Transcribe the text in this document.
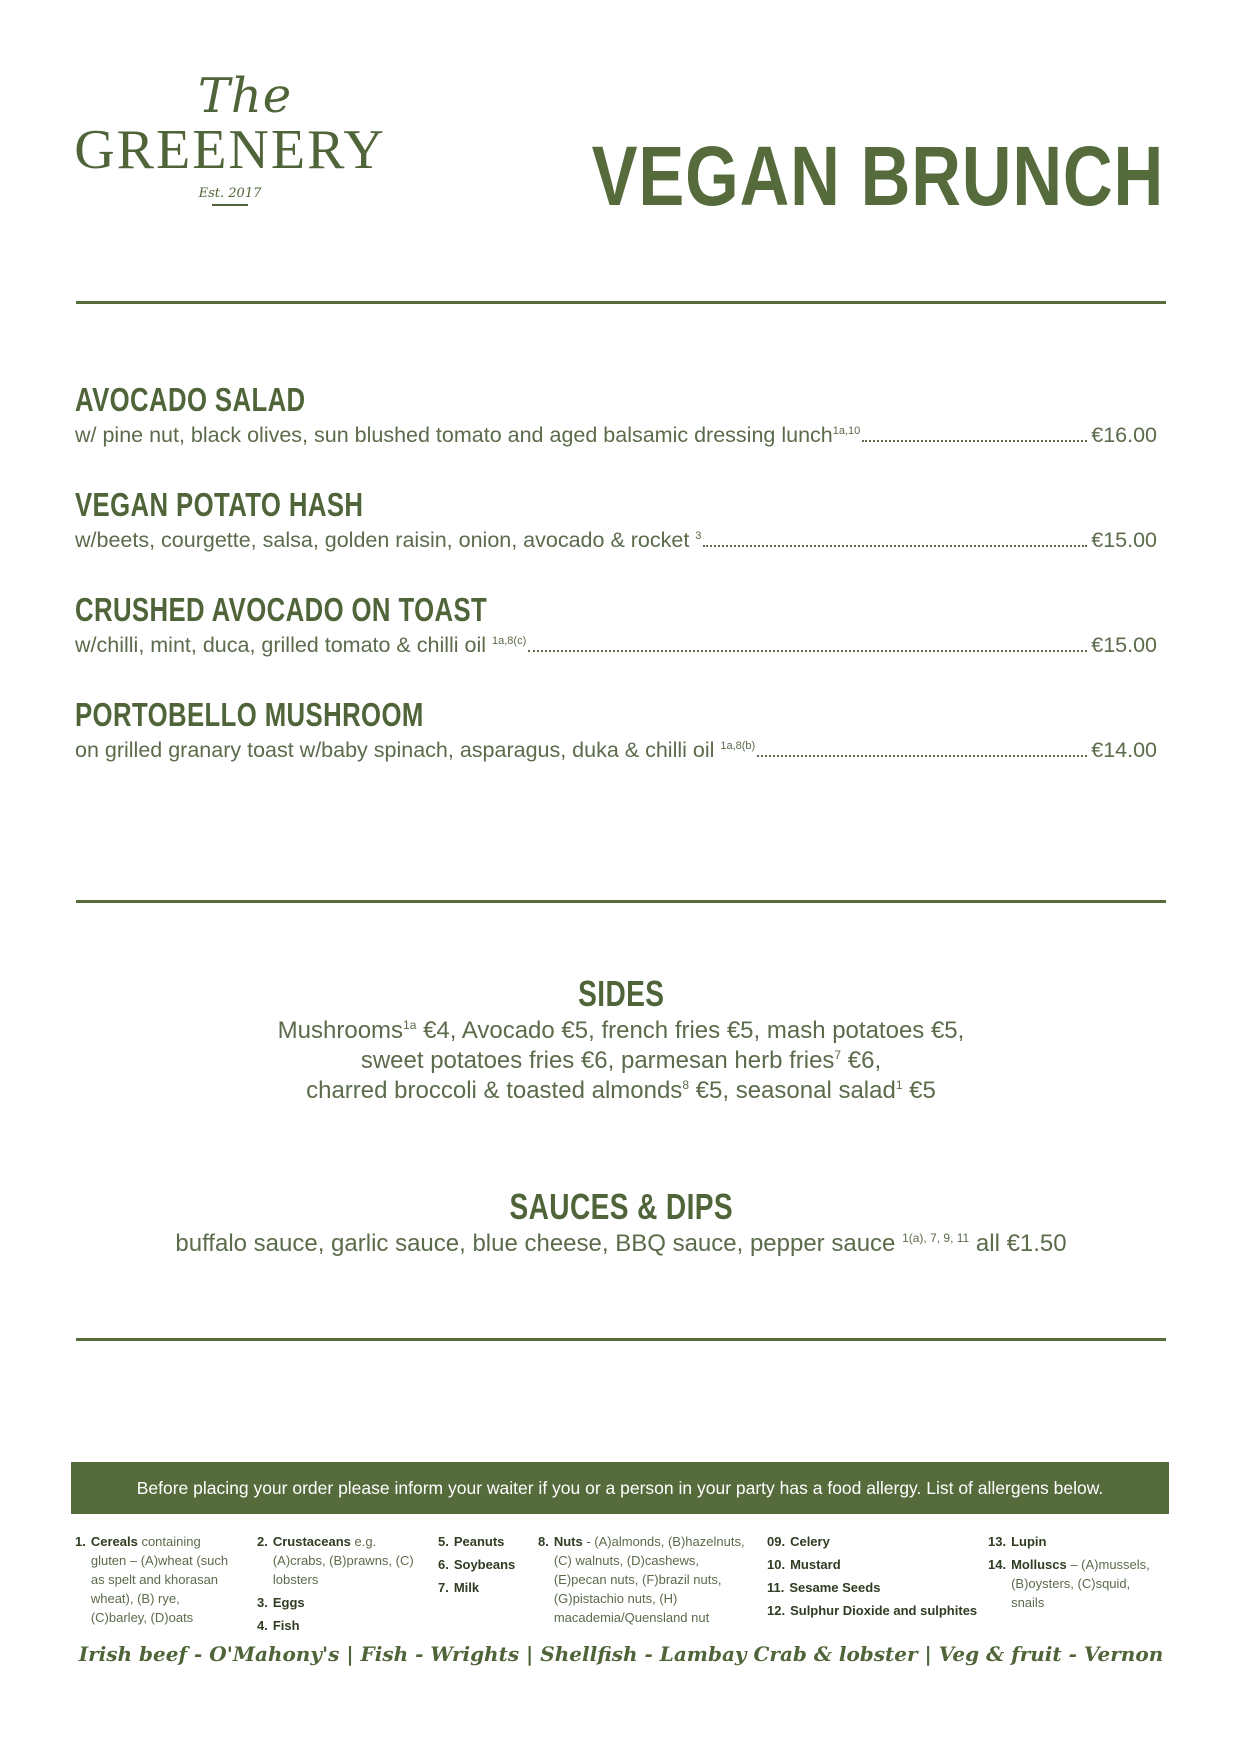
The
GREENERY
Est. 2017	VEGAN BRUNCH
AVOCADO SALAD
w/ pine nut, black olives, sun blushed tomato and aged balsamic dressing lunch$^{1a,10}$	€16.00
VEGAN POTATO HASH
w/beets, courgette, salsa, golden raisin, onion, avocado & rocket $^3$	€15.00
CRUSHED AVOCADO ON TOAST
w/chilli, mint, duca, grilled tomato & chilli oil $^{1a,8(c)}$	€15.00
PORTOBELLO MUSHROOM
on grilled granary toast w/baby spinach, asparagus, duka & chilli oil $^{1a,8(b)}$	€14.00
SIDES
Mushrooms$^{1a}$ €4, Avocado €5, french fries €5, mash potatoes €5,
sweet potatoes fries €6, parmesan herb fries$^7$ €6,
charred broccoli & toasted almonds$^8$ €5, seasonal salad$^1$ €5
SAUCES & DIPS
buffalo sauce, garlic sauce, blue cheese, BBQ sauce, pepper sauce $^{1(a), 7, 9, 11}$ all €1.50
Before placing your order please inform your waiter if you or a person in your party has a food allergy. List of allergens below.
1. Cereals containing gluten – (A)wheat (such as spelt and khorasan wheat), (B) rye, (C)barley, (D)oats
2. Crustaceans e.g. (A)crabs, (B)prawns, (C) lobsters
3. Eggs
4. Fish
5. Peanuts
6. Soybeans
7. Milk
8. Nuts - (A)almonds, (B)hazelnuts, (C) walnuts, (D)cashews, (E)pecan nuts, (F)brazil nuts, (G)pistachio nuts, (H) macademia/Quensland nut
09. Celery
10. Mustard
11. Sesame Seeds
12. Sulphur Dioxide and sulphites
13. Lupin
14. Molluscs – (A)mussels, (B)oysters, (C)squid, snails
Irish beef - O'Mahony's | Fish - Wrights | Shellfish - Lambay Crab & lobster | Veg & fruit - Vernon
